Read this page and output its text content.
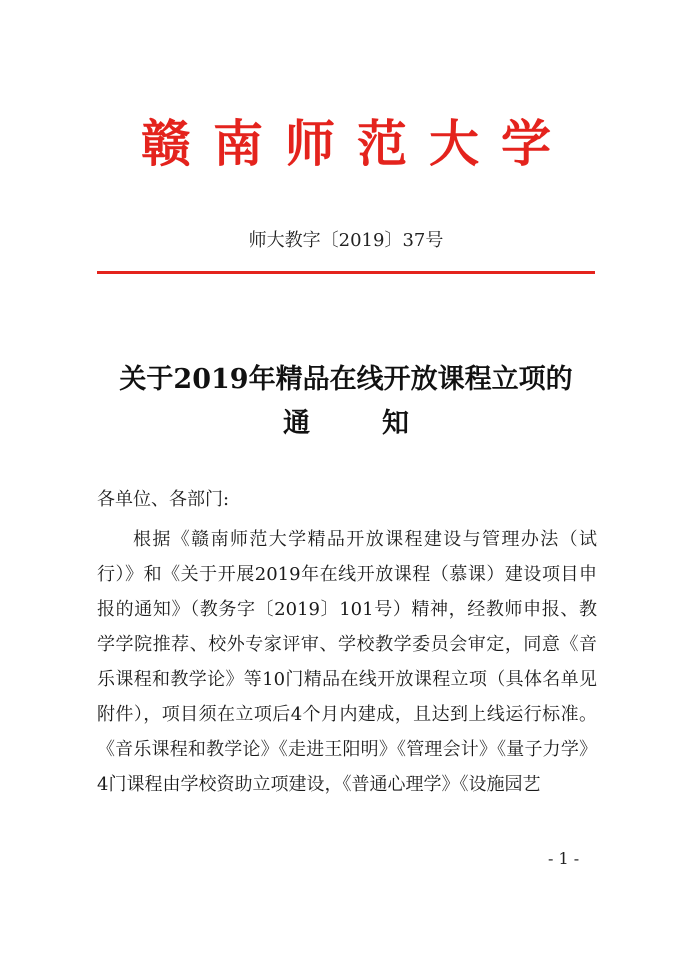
赣南师范大学
师大教字〔2019〕37号
关于2019年精品在线开放课程立项的
通知
各单位、各部门:

根据《赣南师范大学精品开放课程建设与管理办法（试行）》和《关于开展2019年在线开放课程（慕课）建设项目申报的通知》（教务字〔2019〕101号）精神，经教师申报、教学学院推荐、校外专家评审、学校教学委员会审定，同意《音乐课程和教学论》等10门精品在线开放课程立项（具体名单见附件），项目须在立项后4个月内建成，且达到上线运行标准。《音乐课程和教学论》《走进王阳明》《管理会计》《量子力学》4门课程由学校资助立项建设，《普通心理学》《设施园艺

- 1 -
